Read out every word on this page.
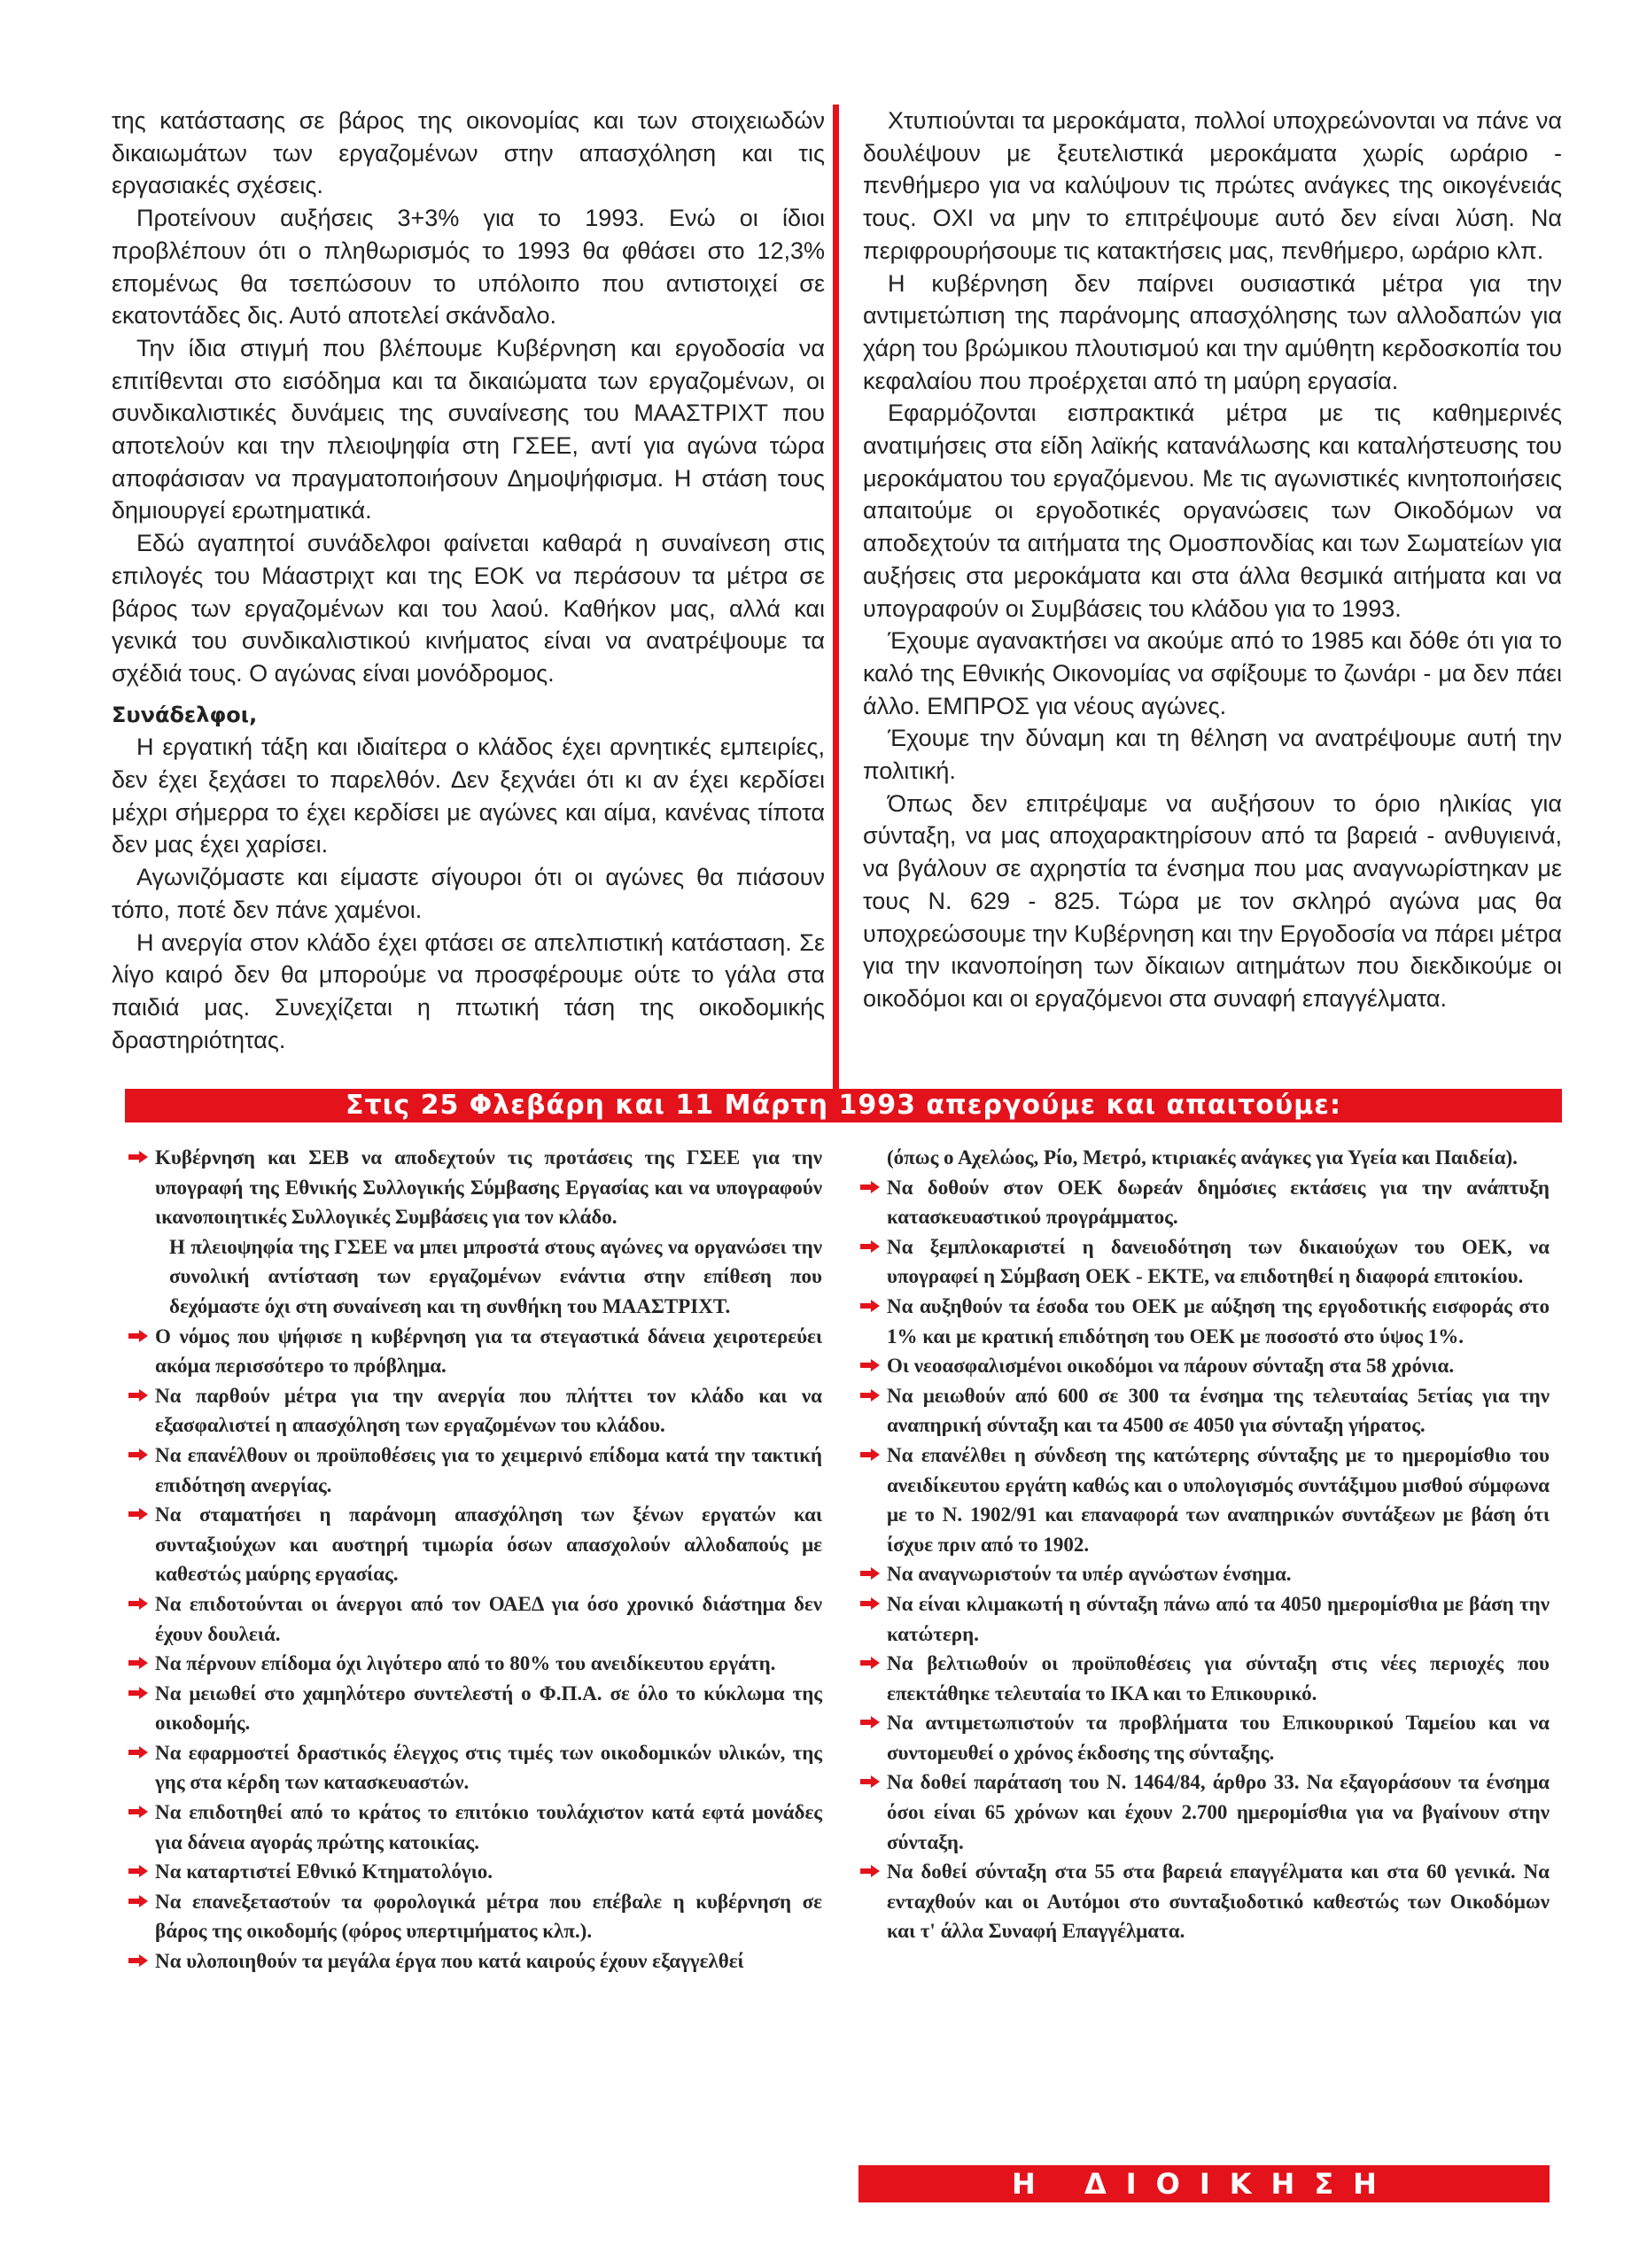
της κατάστασης σε βάρος της οικονομίας και των στοιχειωδών δικαιωμάτων των εργαζομένων στην απασχόληση και τις εργασιακές σχέσεις.

Προτείνουν αυξήσεις 3+3% για το 1993. Ενώ οι ίδιοι προβλέπουν ότι ο πληθωρισμός το 1993 θα φθάσει στο 12,3% επομένως θα τσεπώσουν το υπόλοιπο που αντιστοιχεί σε εκατοντάδες δις. Αυτό αποτελεί σκάνδαλο.

Την ίδια στιγμή που βλέπουμε Κυβέρνηση και εργοδοσία να επιτίθενται στο εισόδημα και τα δικαιώματα των εργαζομένων, οι συνδικαλιστικές δυνάμεις της συναίνεσης του ΜΑΑΣΤΡΙΧΤ που αποτελούν και την πλειοψηφία στη ΓΣΕΕ, αντί για αγώνα τώρα αποφάσισαν να πραγματοποιήσουν Δημοψήφισμα. Η στάση τους δημιουργεί ερωτηματικά.

Εδώ αγαπητοί συνάδελφοι φαίνεται καθαρά η συναίνεση στις επιλογές του Μάαστριχτ και της ΕΟΚ να περάσουν τα μέτρα σε βάρος των εργαζομένων και του λαού. Καθήκον μας, αλλά και γενικά του συνδικαλιστικού κινήματος είναι να ανατρέψουμε τα σχέδιά τους. Ο αγώνας είναι μονόδρομος.

Συνάδελφοι,

Η εργατική τάξη και ιδιαίτερα ο κλάδος έχει αρνητικές εμπειρίες, δεν έχει ξεχάσει το παρελθόν. Δεν ξεχνάει ότι κι αν έχει κερδίσει μέχρι σήμερρα το έχει κερδίσει με αγώνες και αίμα, κανένας τίποτα δεν μας έχει χαρίσει.

Αγωνιζόμαστε και είμαστε σίγουροι ότι οι αγώνες θα πιάσουν τόπο, ποτέ δεν πάνε χαμένοι.

Η ανεργία στον κλάδο έχει φτάσει σε απελπιστική κατάσταση. Σε λίγο καιρό δεν θα μπορούμε να προσφέρουμε ούτε το γάλα στα παιδιά μας. Συνεχίζεται η πτωτική τάση της οικοδομικής δραστηριότητας.

Χτυπιούνται τα μεροκάματα, πολλοί υποχρεώνονται να πάνε να δουλέψουν με ξευτελιστικά μεροκάματα χωρίς ωράριο - πενθήμερο για να καλύψουν τις πρώτες ανάγκες της οικογένειάς τους. ΟΧΙ να μην το επιτρέψουμε αυτό δεν είναι λύση. Να περιφρουρήσουμε τις κατακτήσεις μας, πενθήμερο, ωράριο κλπ.

Η κυβέρνηση δεν παίρνει ουσιαστικά μέτρα για την αντιμετώπιση της παράνομης απασχόλησης των αλλοδαπών για χάρη του βρώμικου πλουτισμού και την αμύθητη κερδοσκοπία του κεφαλαίου που προέρχεται από τη μαύρη εργασία.

Εφαρμόζονται εισπρακτικά μέτρα με τις καθημερινές ανατιμήσεις στα είδη λαϊκής κατανάλωσης και καταλήστευσης του μεροκάματου του εργαζόμενου. Με τις αγωνιστικές κινητοποιήσεις απαιτούμε οι εργοδοτικές οργανώσεις των Οικοδόμων να αποδεχτούν τα αιτήματα της Ομοσπονδίας και των Σωματείων για αυξήσεις στα μεροκάματα και στα άλλα θεσμικά αιτήματα και να υπογραφούν οι Συμβάσεις του κλάδου για το 1993.

Έχουμε αγανακτήσει να ακούμε από το 1985 και δόθε ότι για το καλό της Εθνικής Οικονομίας να σφίξουμε το ζωνάρι - μα δεν πάει άλλο. ΕΜΠΡΟΣ για νέους αγώνες.

Έχουμε την δύναμη και τη θέληση να ανατρέψουμε αυτή την πολιτική.

Όπως δεν επιτρέψαμε να αυξήσουν το όριο ηλικίας για σύνταξη, να μας αποχαρακτηρίσουν από τα βαρειά - ανθυγιεινά, να βγάλουν σε αχρηστία τα ένσημα που μας αναγνωρίστηκαν με τους Ν. 629 - 825. Τώρα με τον σκληρό αγώνα μας θα υποχρεώσουμε την Κυβέρνηση και την Εργοδοσία να πάρει μέτρα για την ικανοποίηση των δίκαιων αιτημάτων που διεκδικούμε οι οικοδόμοι και οι εργαζόμενοι στα συναφή επαγγέλματα.

Στις 25 Φλεβάρη και 11 Μάρτη 1993 απεργούμε και απαιτούμε:
Κυβέρνηση και ΣΕΒ να αποδεχτούν τις προτάσεις της ΓΣΕΕ για την υπογραφή της Εθνικής Συλλογικής Σύμβασης Εργασίας και να υπογραφούν ικανοποιητικές Συλλογικές Συμβάσεις για τον κλάδο.
Η πλειοψηφία της ΓΣΕΕ να μπει μπροστά στους αγώνες να οργανώσει την συνολική αντίσταση των εργαζομένων ενάντια στην επίθεση που δεχόμαστε όχι στη συναίνεση και τη συνθήκη του ΜΑΑΣΤΡΙΧΤ.
Ο νόμος που ψήφισε η κυβέρνηση για τα στεγαστικά δάνεια χειροτερεύει ακόμα περισσότερο το πρόβλημα.
Να παρθούν μέτρα για την ανεργία που πλήττει τον κλάδο και να εξασφαλιστεί η απασχόληση των εργαζομένων του κλάδου.
Να επανέλθουν οι προϋποθέσεις για το χειμερινό επίδομα κατά την τακτική επιδότηση ανεργίας.
Να σταματήσει η παράνομη απασχόληση των ξένων εργατών και συνταξιούχων και αυστηρή τιμωρία όσων απασχολούν αλλοδαπούς με καθεστώς μαύρης εργασίας.
Να επιδοτούνται οι άνεργοι από τον ΟΑΕΔ για όσο χρονικό διάστημα δεν έχουν δουλειά.
Να πέρνουν επίδομα όχι λιγότερο από το 80% του ανειδίκευτου εργάτη.
Να μειωθεί στο χαμηλότερο συντελεστή ο Φ.Π.Α. σε όλο το κύκλωμα της οικοδομής.
Να εφαρμοστεί δραστικός έλεγχος στις τιμές των οικοδομικών υλικών, της γης στα κέρδη των κατασκευαστών.
Να επιδοτηθεί από το κράτος το επιτόκιο τουλάχιστον κατά εφτά μονάδες για δάνεια αγοράς πρώτης κατοικίας.
Να καταρτιστεί Εθνικό Κτηματολόγιο.
Να επανεξεταστούν τα φορολογικά μέτρα που επέβαλε η κυβέρνηση σε βάρος της οικοδομής (φόρος υπερτιμήματος κλπ.).
Να υλοποιηθούν τα μεγάλα έργα που κατά καιρούς έχουν εξαγγελθεί
(όπως ο Αχελώος, Ρίο, Μετρό, κτιριακές ανάγκες για Υγεία και Παιδεία).
Να δοθούν στον ΟΕΚ δωρεάν δημόσιες εκτάσεις για την ανάπτυξη κατασκευαστικού προγράμματος.
Να ξεμπλοκαριστεί η δανειοδότηση των δικαιούχων του ΟΕΚ, να υπογραφεί η Σύμβαση ΟΕΚ - ΕΚΤΕ, να επιδοτηθεί η διαφορά επιτοκίου.
Να αυξηθούν τα έσοδα του ΟΕΚ με αύξηση της εργοδοτικής εισφοράς στο 1% και με κρατική επιδότηση του ΟΕΚ με ποσοστό στο ύψος 1%.
Οι νεοασφαλισμένοι οικοδόμοι να πάρουν σύνταξη στα 58 χρόνια.
Να μειωθούν από 600 σε 300 τα ένσημα της τελευταίας 5ετίας για την αναπηρική σύνταξη και τα 4500 σε 4050 για σύνταξη γήρατος.
Να επανέλθει η σύνδεση της κατώτερης σύνταξης με το ημερομίσθιο του ανειδίκευτου εργάτη καθώς και ο υπολογισμός συντάξιμου μισθού σύμφωνα με το Ν. 1902/91 και επαναφορά των αναπηρικών συντάξεων με βάση ότι ίσχυε πριν από το 1902.
Να αναγνωριστούν τα υπέρ αγνώστων ένσημα.
Να είναι κλιμακωτή η σύνταξη πάνω από τα 4050 ημερομίσθια με βάση την κατώτερη.
Να βελτιωθούν οι προϋποθέσεις για σύνταξη στις νέες περιοχές που επεκτάθηκε τελευταία το ΙΚΑ και το Επικουρικό.
Να αντιμετωπιστούν τα προβλήματα του Επικουρικού Ταμείου και να συντομευθεί ο χρόνος έκδοσης της σύνταξης.
Να δοθεί παράταση του Ν. 1464/84, άρθρο 33. Να εξαγοράσουν τα ένσημα όσοι είναι 65 χρόνων και έχουν 2.700 ημερομίσθια για να βγαίνουν στην σύνταξη.
Να δοθεί σύνταξη στα 55 στα βαρειά επαγγέλματα και στα 60 γενικά. Να ενταχθούν και οι Αυτόμοι στο συνταξιοδοτικό καθεστώς των Οικοδόμων και τ' άλλα Συναφή Επαγγέλματα.
Η ΔΙΟΙΚΗΣΗ
